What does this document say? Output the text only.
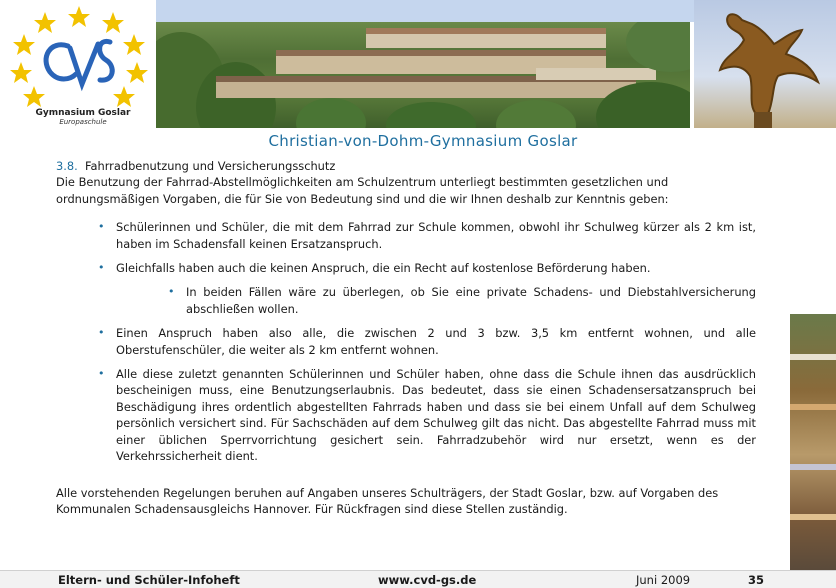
Gymnasium Goslar
Europaschule
Christian-von-Dohm-Gymnasium Goslar
3.8. Fahrradbenutzung und Versicherungsschutz
Die Benutzung der Fahrrad-Abstellmöglichkeiten am Schulzentrum unterliegt bestimmten gesetzlichen und ordnungsmäßigen Vorgaben, die für Sie von Bedeutung sind und die wir Ihnen deshalb zur Kenntnis geben:
• Schülerinnen und Schüler, die mit dem Fahrrad zur Schule kommen, obwohl ihr Schulweg kürzer als 2 km ist, haben im Schadensfall keinen Ersatzanspruch.
• Gleichfalls haben auch die keinen Anspruch, die ein Recht auf kostenlose Beförderung haben.
• In beiden Fällen wäre zu überlegen, ob Sie eine private Schadens- und Diebstahlversicherung abschließen wollen.
• Einen Anspruch haben also alle, die zwischen 2 und 3 bzw. 3,5 km entfernt wohnen, und alle Oberstufenschüler, die weiter als 2 km entfernt wohnen.
• Alle diese zuletzt genannten Schülerinnen und Schüler haben, ohne dass die Schule ihnen das ausdrücklich bescheinigen muss, eine Benutzungserlaubnis. Das bedeutet, dass sie einen Schadensersatzanspruch bei Beschädigung ihres ordentlich abgestellten Fahrrads haben und dass sie bei einem Unfall auf dem Schulweg persönlich versichert sind. Für Sachschäden auf dem Schulweg gilt das nicht. Das abgestellte Fahrrad muss mit einer üblichen Sperrvorrichtung gesichert sein. Fahrradzubehör wird nur ersetzt, wenn es der Verkehrssicherheit dient.
Alle vorstehenden Regelungen beruhen auf Angaben unseres Schulträgers, der Stadt Goslar, bzw. auf Vorgaben des Kommunalen Schadensausgleichs Hannover. Für Rückfragen sind diese Stellen zuständig.
Eltern- und Schüler-Infoheft	www.cvd-gs.de	Juni 2009	35
